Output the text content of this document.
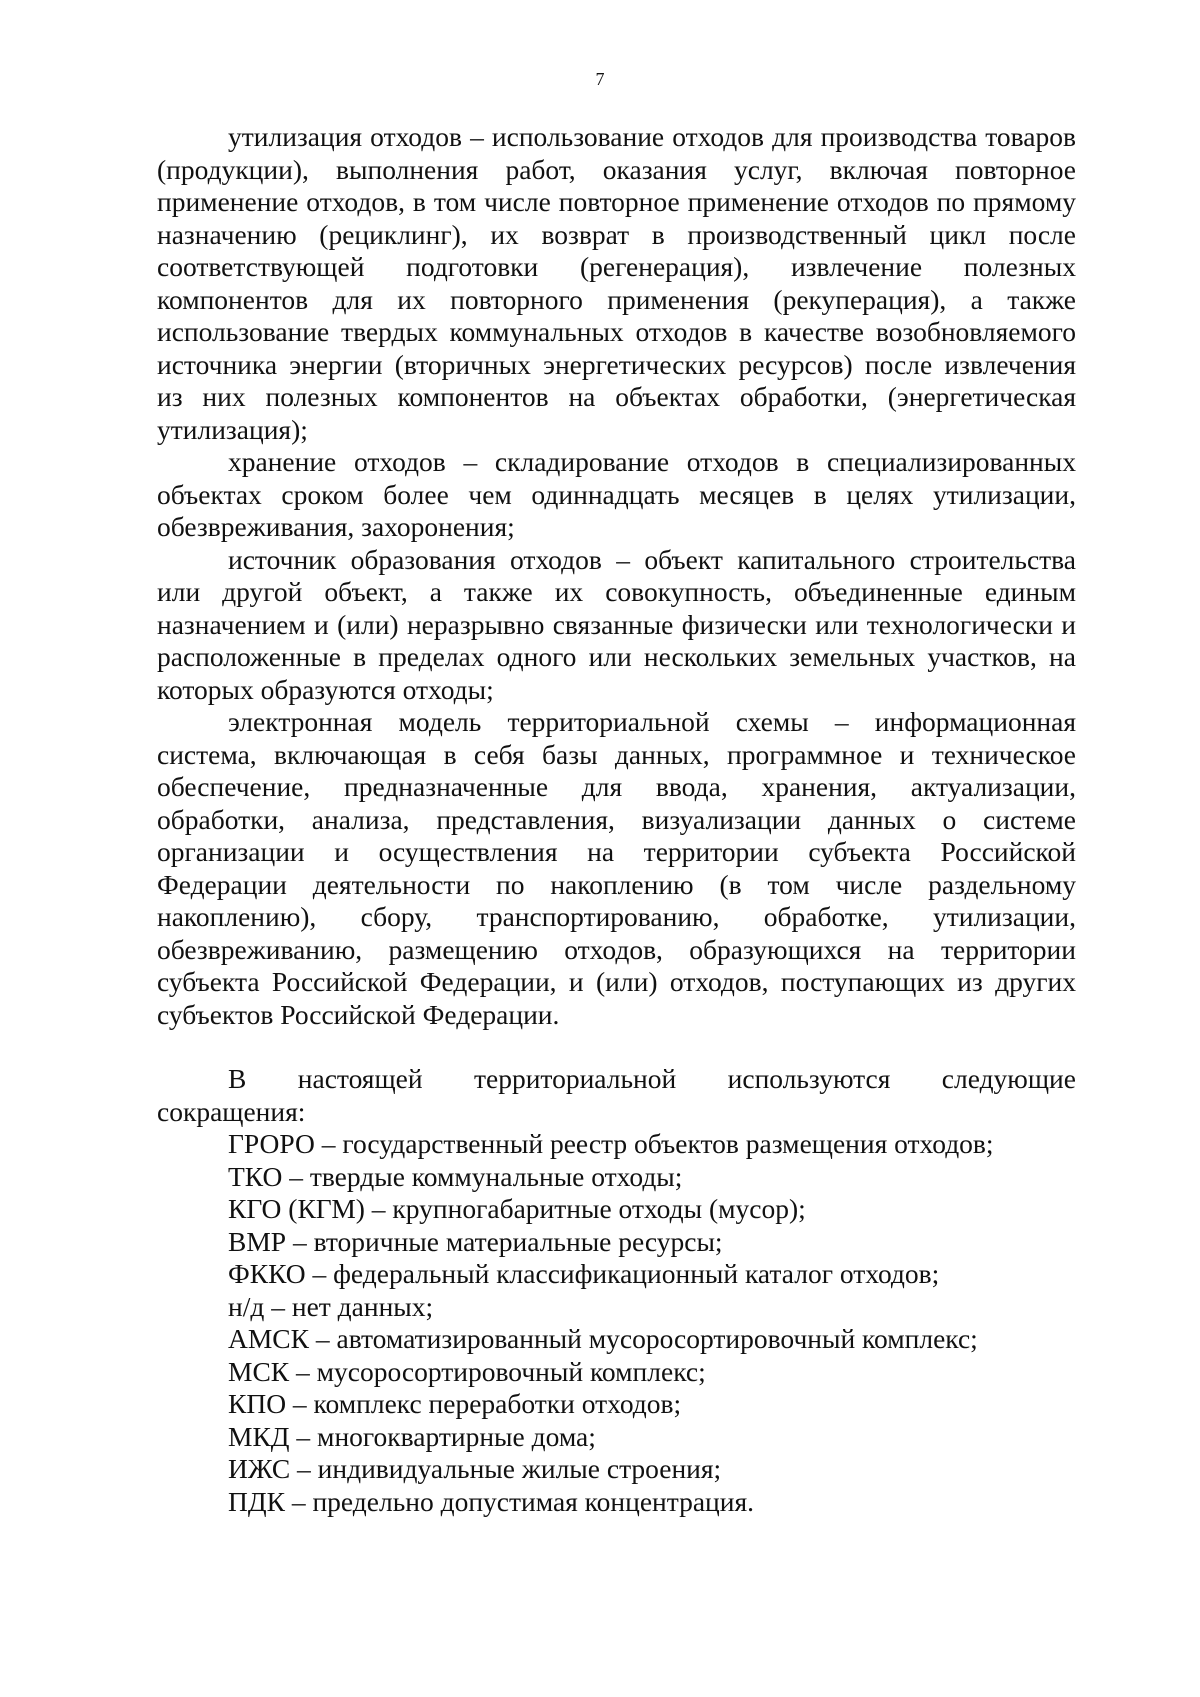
7

утилизация отходов – использование отходов для производства товаров (продукции), выполнения работ, оказания услуг, включая повторное применение отходов, в том числе повторное применение отходов по прямому назначению (рециклинг), их возврат в производственный цикл после соответствующей подготовки (регенерация), извлечение полезных компонентов для их повторного применения (рекуперация), а также использование твердых коммунальных отходов в качестве возобновляемого источника энергии (вторичных энергетических ресурсов) после извлечения из них полезных компонентов на объектах обработки, (энергетическая утилизация);

хранение отходов – складирование отходов в специализированных объектах сроком более чем одиннадцать месяцев в целях утилизации, обезвреживания, захоронения;

источник образования отходов – объект капитального строительства или другой объект, а также их совокупность, объединенные единым назначением и (или) неразрывно связанные физически или технологически и расположенные в пределах одного или нескольких земельных участков, на которых образуются отходы;

электронная модель территориальной схемы – информационная система, включающая в себя базы данных, программное и техническое обеспечение, предназначенные для ввода, хранения, актуализации, обработки, анализа, представления, визуализации данных о системе организации и осуществления на территории субъекта Российской Федерации деятельности по накоплению (в том числе раздельному накоплению), сбору, транспортированию, обработке, утилизации, обезвреживанию, размещению отходов, образующихся на территории субъекта Российской Федерации, и (или) отходов, поступающих из других субъектов Российской Федерации.

В настоящей территориальной используются следующие
сокращения:
ГРОРО – государственный реестр объектов размещения отходов;
ТКО – твердые коммунальные отходы;
КГО (КГМ) – крупногабаритные отходы (мусор);
ВМР – вторичные материальные ресурсы;
ФККО – федеральный классификационный каталог отходов;
н/д – нет данных;
АМСК – автоматизированный мусоросортировочный комплекс;
МСК – мусоросортировочный комплекс;
КПО – комплекс переработки отходов;
МКД – многоквартирные дома;
ИЖС – индивидуальные жилые строения;
ПДК – предельно допустимая концентрация.
